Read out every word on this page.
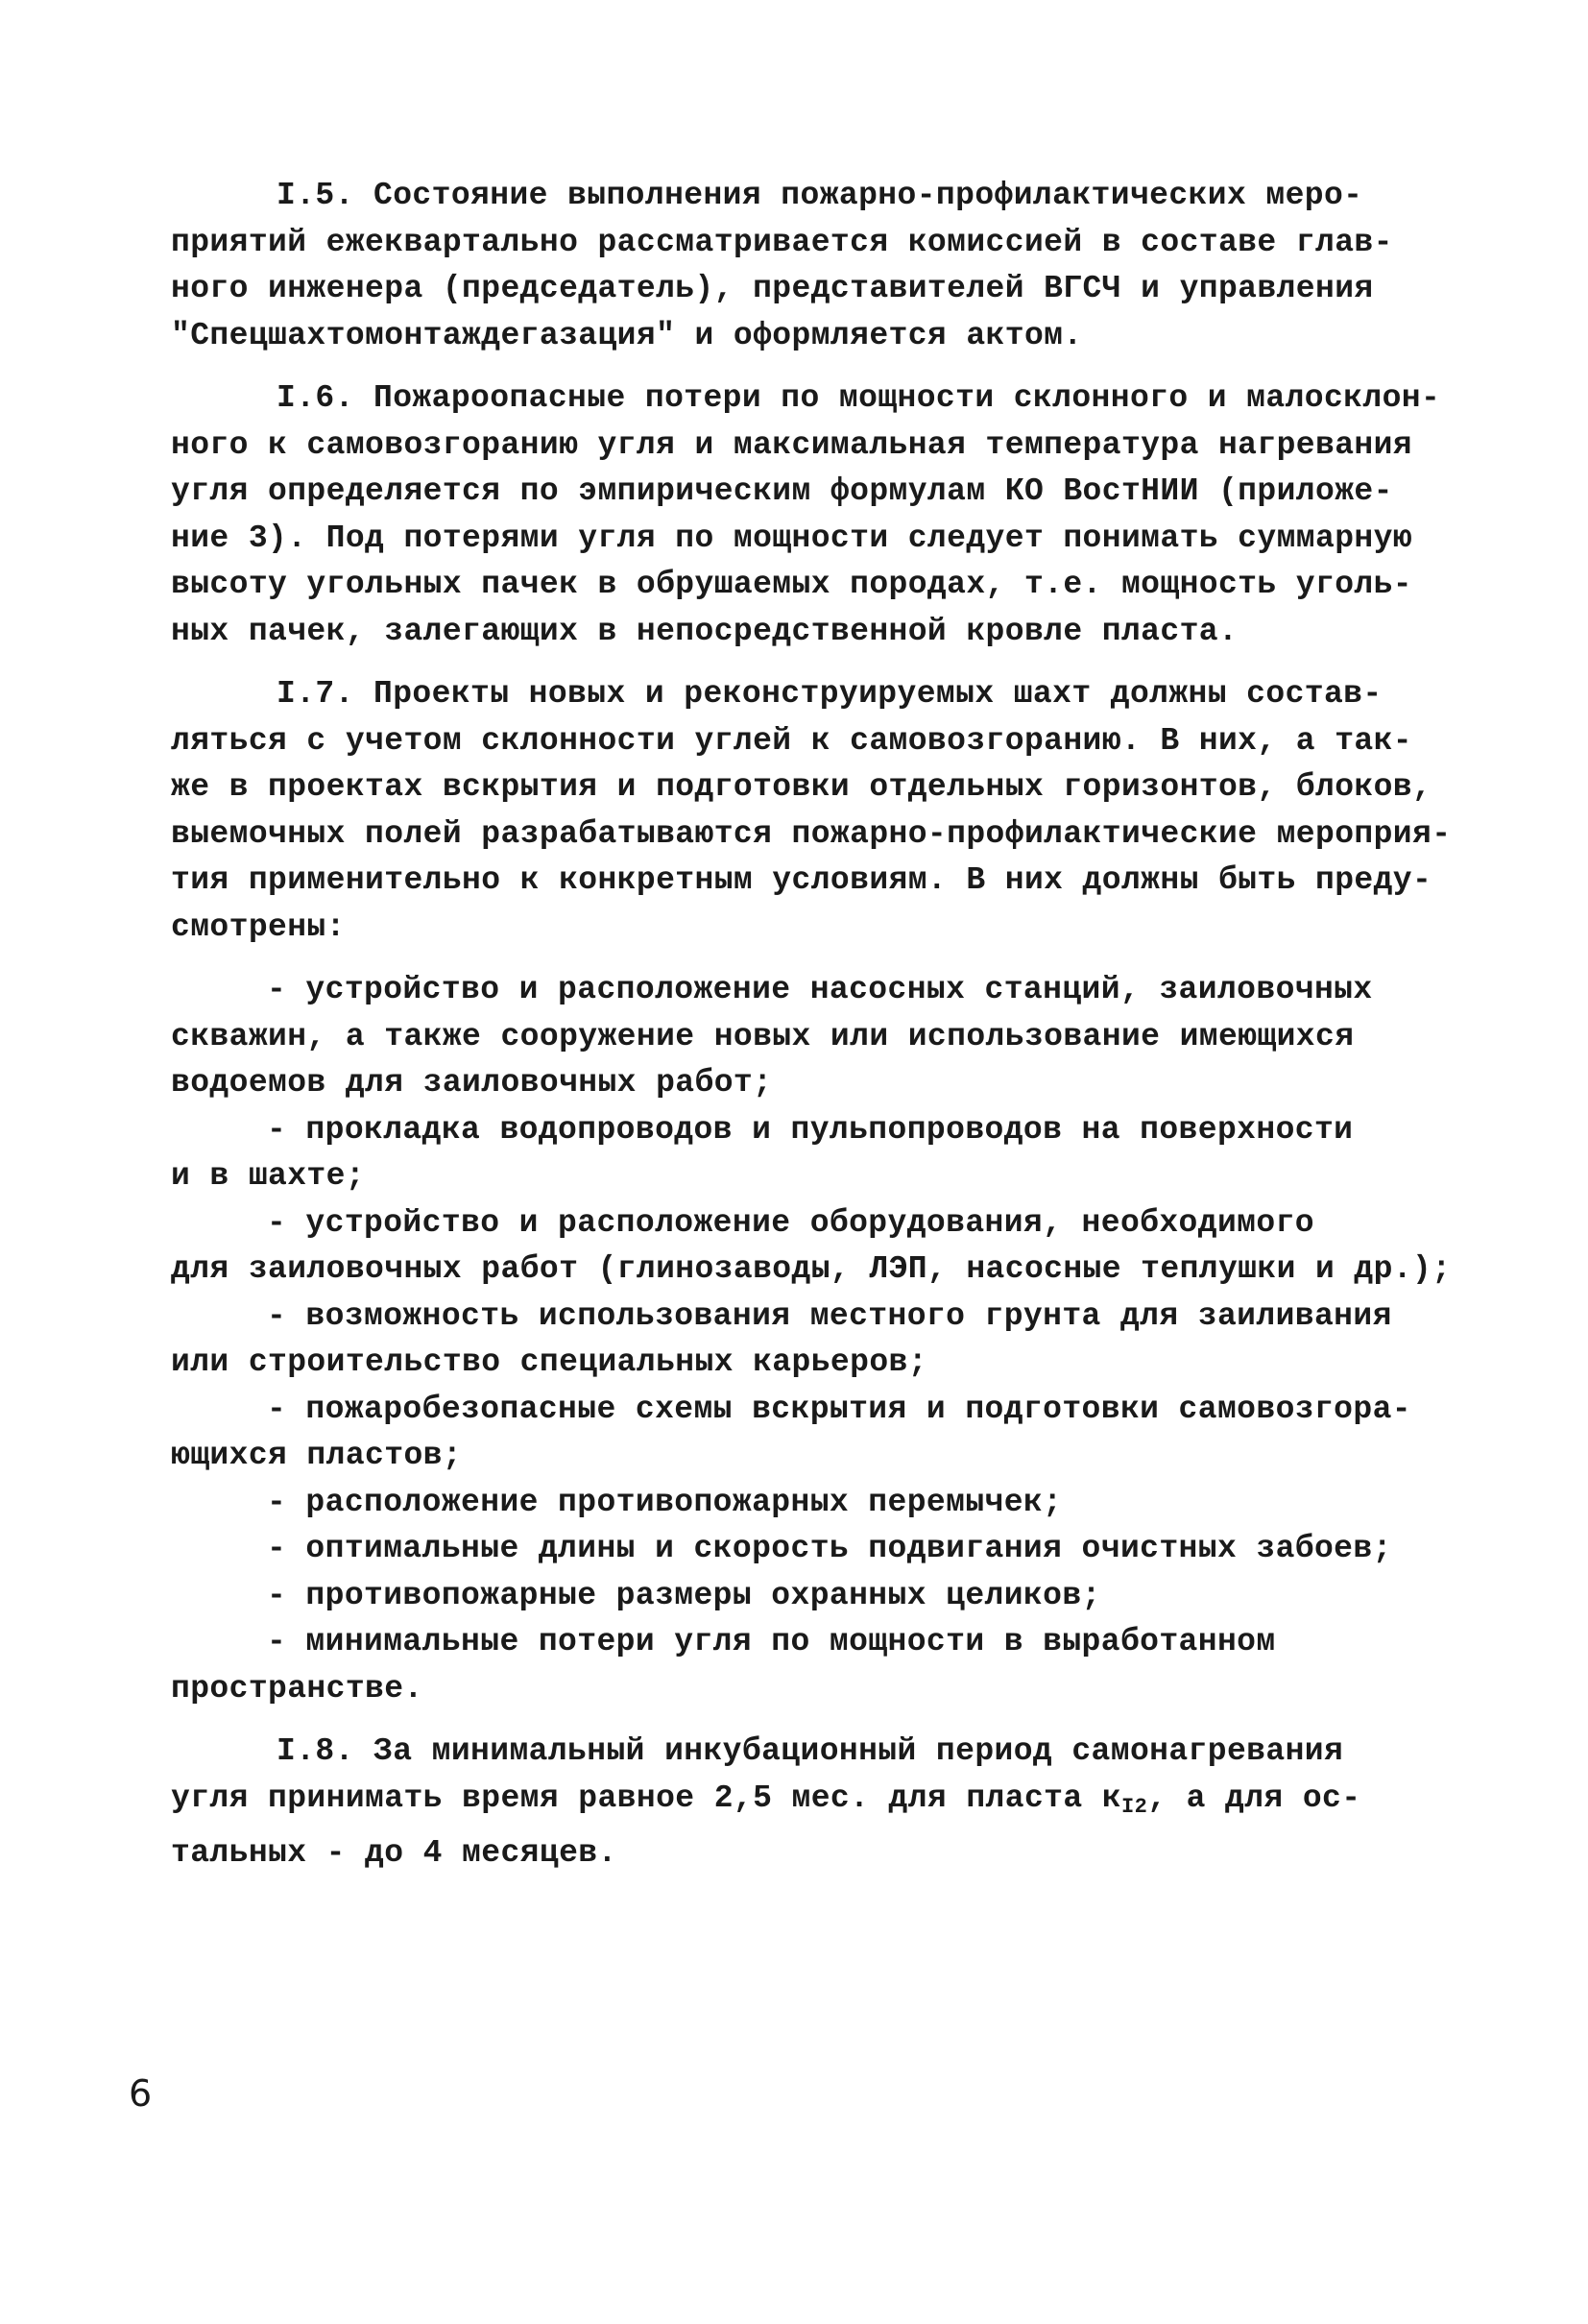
I.5. Состояние выполнения пожарно-профилактических меро-
приятий ежеквартально рассматривается комиссией в составе глав-
ного инженера (председатель), представителей ВГСЧ и управления
"Спецшахтомонтаждегазация" и оформляется актом.
I.6. Пожароопасные потери по мощности склонного и малосклон-
ного к самовозгоранию угля и максимальная температура нагревания
угля определяется по эмпирическим формулам КО ВостНИИ (приложе-
ние 3). Под потерями угля по мощности следует понимать суммарную
высоту угольных пачек в обрушаемых породах, т.е. мощность уголь-
ных пачек, залегающих в непосредственной кровле пласта.
I.7. Проекты новых и реконструируемых шахт должны состав-
ляться с учетом склонности углей к самовозгоранию. В них, а так-
же в проектах вскрытия и подготовки отдельных горизонтов, блоков,
выемочных полей разрабатываются пожарно-профилактические мероприя-
тия применительно к конкретным условиям. В них должны быть преду-
смотрены:
- устройство и расположение насосных станций, заиловочных
скважин, а также сооружение новых или использование имеющихся
водоемов для заиловочных работ;
- прокладка водопроводов и пульпопроводов на поверхности
и в шахте;
- устройство и расположение оборудования, необходимого
для заиловочных работ (глинозаводы, ЛЭП, насосные теплушки и др.);
- возможность использования местного грунта для заиливания
или строительство специальных карьеров;
- пожаробезопасные схемы вскрытия и подготовки самовозгора-
ющихся пластов;
- расположение противопожарных перемычек;
- оптимальные длины и скорость подвигания очистных забоев;
- противопожарные размеры охранных целиков;
- минимальные потери угля по мощности в выработанном
пространстве.
I.8. За минимальный инкубационный период самонагревания
угля принимать время равное 2,5 мес. для пласта $к_{I2}$, а для ос-
тальных - до 4 месяцев.
6
